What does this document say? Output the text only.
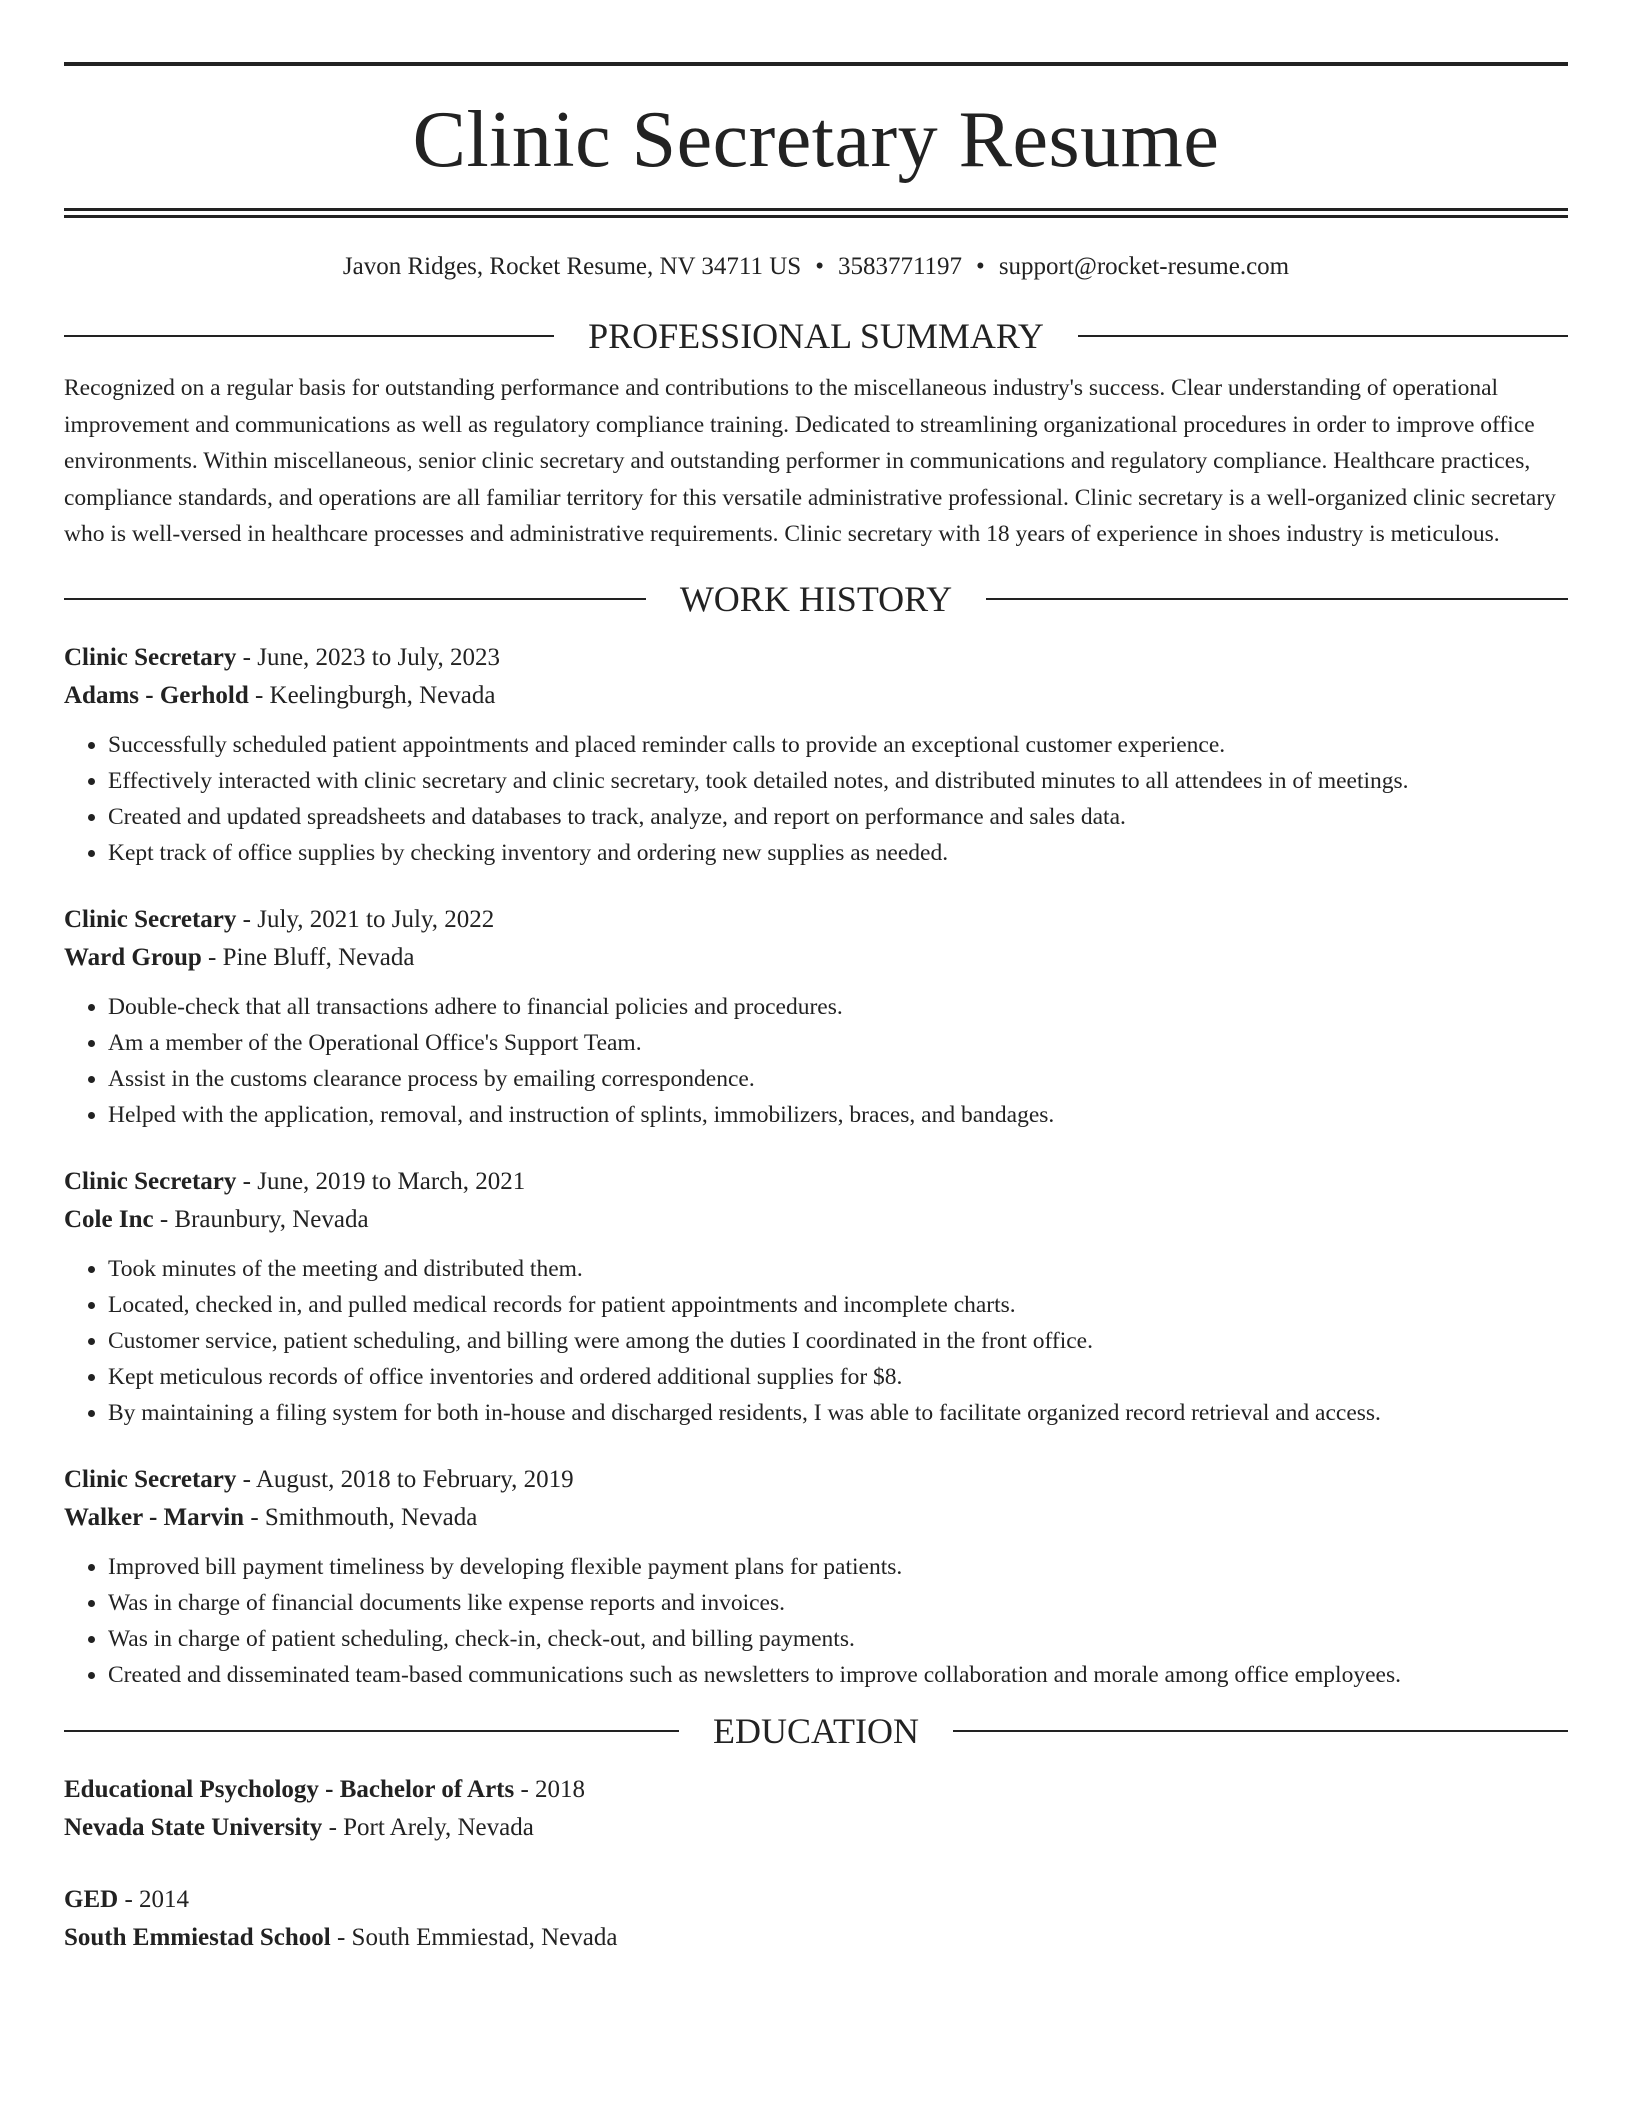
Clinic Secretary Resume
Javon Ridges, Rocket Resume, NV 34711 US • 3583771197 • support@rocket-resume.com
PROFESSIONAL SUMMARY

Recognized on a regular basis for outstanding performance and contributions to the miscellaneous industry's success. Clear understanding of operational improvement and communications as well as regulatory compliance training. Dedicated to streamlining organizational procedures in order to improve office environments. Within miscellaneous, senior clinic secretary and outstanding performer in communications and regulatory compliance. Healthcare practices, compliance standards, and operations are all familiar territory for this versatile administrative professional. Clinic secretary is a well-organized clinic secretary who is well-versed in healthcare processes and administrative requirements. Clinic secretary with 18 years of experience in shoes industry is meticulous.

WORK HISTORY
Clinic Secretary - June, 2023 to July, 2023
Adams - Gerhold - Keelingburgh, Nevada
• Successfully scheduled patient appointments and placed reminder calls to provide an exceptional customer experience.
• Effectively interacted with clinic secretary and clinic secretary, took detailed notes, and distributed minutes to all attendees in of meetings.
• Created and updated spreadsheets and databases to track, analyze, and report on performance and sales data.
• Kept track of office supplies by checking inventory and ordering new supplies as needed.
Clinic Secretary - July, 2021 to July, 2022
Ward Group - Pine Bluff, Nevada
• Double-check that all transactions adhere to financial policies and procedures.
• Am a member of the Operational Office's Support Team.
• Assist in the customs clearance process by emailing correspondence.
• Helped with the application, removal, and instruction of splints, immobilizers, braces, and bandages.
Clinic Secretary - June, 2019 to March, 2021
Cole Inc - Braunbury, Nevada
• Took minutes of the meeting and distributed them.
• Located, checked in, and pulled medical records for patient appointments and incomplete charts.
• Customer service, patient scheduling, and billing were among the duties I coordinated in the front office.
• Kept meticulous records of office inventories and ordered additional supplies for $8.
• By maintaining a filing system for both in-house and discharged residents, I was able to facilitate organized record retrieval and access.
Clinic Secretary - August, 2018 to February, 2019
Walker - Marvin - Smithmouth, Nevada
• Improved bill payment timeliness by developing flexible payment plans for patients.
• Was in charge of financial documents like expense reports and invoices.
• Was in charge of patient scheduling, check-in, check-out, and billing payments.
• Created and disseminated team-based communications such as newsletters to improve collaboration and morale among office employees.
EDUCATION
Educational Psychology - Bachelor of Arts - 2018
Nevada State University - Port Arely, Nevada
GED - 2014
South Emmiestad School - South Emmiestad, Nevada
